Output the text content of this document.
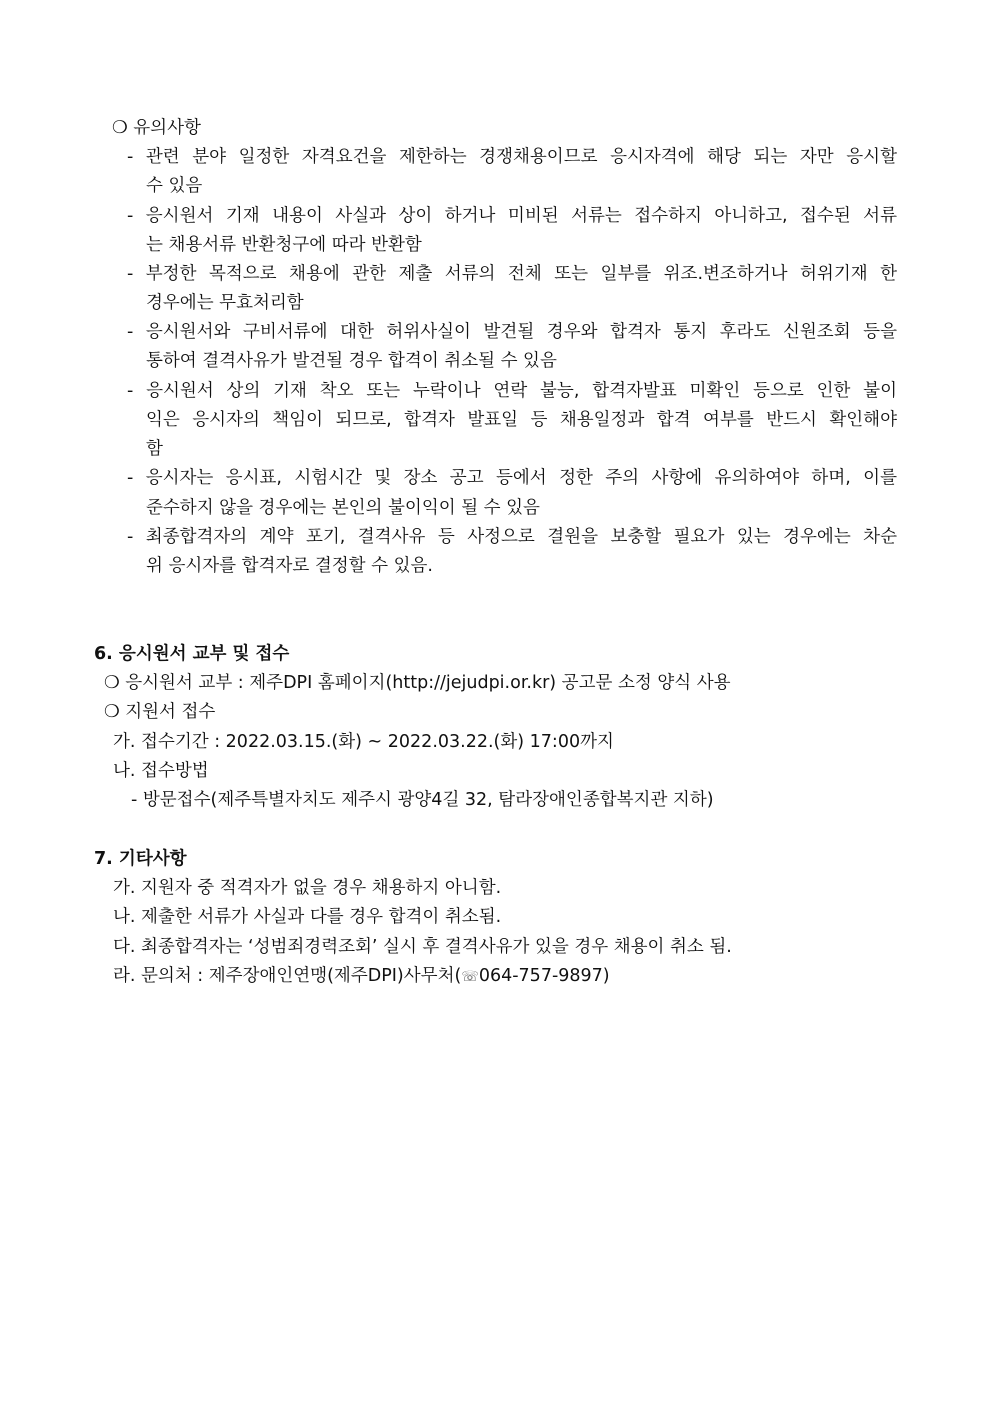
❍ 유의사항
- 관련 분야 일정한 자격요건을 제한하는 경쟁채용이므로 응시자격에 해당 되는 자만 응시할
수 있음
- 응시원서 기재 내용이 사실과 상이 하거나 미비된 서류는 접수하지 아니하고, 접수된 서류
는 채용서류 반환청구에 따라 반환함
- 부정한 목적으로 채용에 관한 제출 서류의 전체 또는 일부를 위조.변조하거나 허위기재 한
경우에는 무효처리함
- 응시원서와 구비서류에 대한 허위사실이 발견될 경우와 합격자 통지 후라도 신원조회 등을
통하여 결격사유가 발견될 경우 합격이 취소될 수 있음
- 응시원서 상의 기재 착오 또는 누락이나 연락 불능, 합격자발표 미확인 등으로 인한 불이
익은 응시자의 책임이 되므로, 합격자 발표일 등 채용일정과 합격 여부를 반드시 확인해야
함
- 응시자는 응시표, 시험시간 및 장소 공고 등에서 정한 주의 사항에 유의하여야 하며, 이를
준수하지 않을 경우에는 본인의 불이익이 될 수 있음
- 최종합격자의 계약 포기, 결격사유 등 사정으로 결원을 보충할 필요가 있는 경우에는 차순
위 응시자를 합격자로 결정할 수 있음.
6. 응시원서 교부 및 접수
❍ 응시원서 교부 : 제주DPI 홈페이지(http://jejudpi.or.kr) 공고문 소정 양식 사용
❍ 지원서 접수
가. 접수기간 : 2022.03.15.(화) ~ 2022.03.22.(화) 17:00까지
나. 접수방법
- 방문접수(제주특별자치도 제주시 광양4길 32, 탐라장애인종합복지관 지하)
7. 기타사항
가. 지원자 중 적격자가 없을 경우 채용하지 아니함.
나. 제출한 서류가 사실과 다를 경우 합격이 취소됨.
다. 최종합격자는 ‘성범죄경력조회’ 실시 후 결격사유가 있을 경우 채용이 취소 됨.
라. 문의처 : 제주장애인연맹(제주DPI)사무처(☏064-757-9897)
